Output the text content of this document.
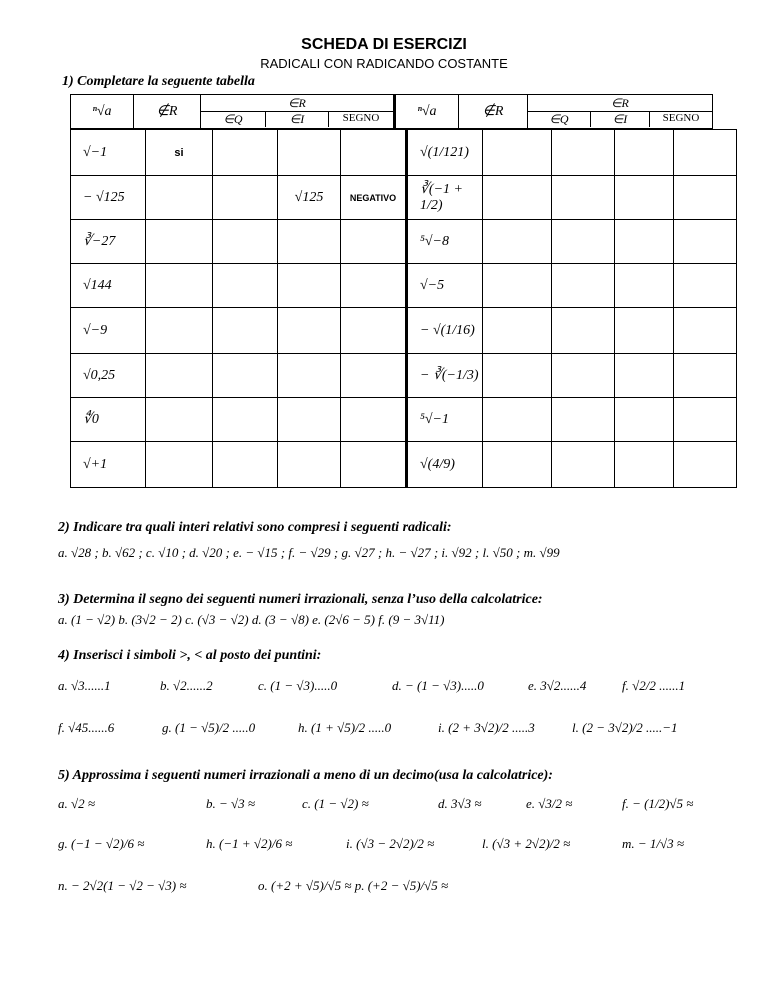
SCHEDA DI ESERCIZI
RADICALI CON RADICANDO COSTANTE
1) Completare la seguente tabella
ⁿ√a	∉R	
∈R
∈Q	∈I	SEGNO	ⁿ√a	∉R	
∈R
∈Q	∈I	SEGNO
√−1	si				√(1/121)				
− √125			√125	NEGATIVO	∛(−1 + 1/2)				
∛−27					⁵√−8				
√144					√−5				
√−9					− √(1/16)				
√0,25					− ∛(−1/3)				
∜0					⁵√−1				
√+1					√(4/9)				
2) Indicare tra quali interi relativi sono compresi i seguenti radicali:
a. √28 ; b. √62 ; c. √10 ; d. √20 ; e. − √15 ; f. − √29 ; g. √27 ; h. − √27 ; i. √92 ; l. √50 ; m. √99
3) Determina il segno dei seguenti numeri irrazionali, senza l’uso della calcolatrice:
a. (1 − √2) b. (3√2 − 2) c. (√3 − √2) d. (3 − √8) e. (2√6 − 5) f. (9 − 3√11)
4) Inserisci i simboli >, < al posto dei puntini:
a. √3......1	b. √2......2	c. (1 − √3).....0	d. − (1 − √3).....0	e. 3√2......4	f. √2/2 ......1
f. √45......6	g. (1 − √5)/2 .....0	h. (1 + √5)/2 .....0	i. (2 + 3√2)/2 .....3	l. (2 − 3√2)/2 .....−1
5) Approssima i seguenti numeri irrazionali a meno di un decimo(usa la calcolatrice):
a. √2 ≈	b. − √3 ≈	c. (1 − √2) ≈	d. 3√3 ≈	e. √3/2 ≈	f. − (1/2)√5 ≈
g. (−1 − √2)/6 ≈	h. (−1 + √2)/6 ≈	i. (√3 − 2√2)/2 ≈	l. (√3 + 2√2)/2 ≈	m. − 1/√3 ≈
n. − 2√2(1 − √2 − √3) ≈	o. (+2 + √5)/√5 ≈ p. (+2 − √5)/√5 ≈
